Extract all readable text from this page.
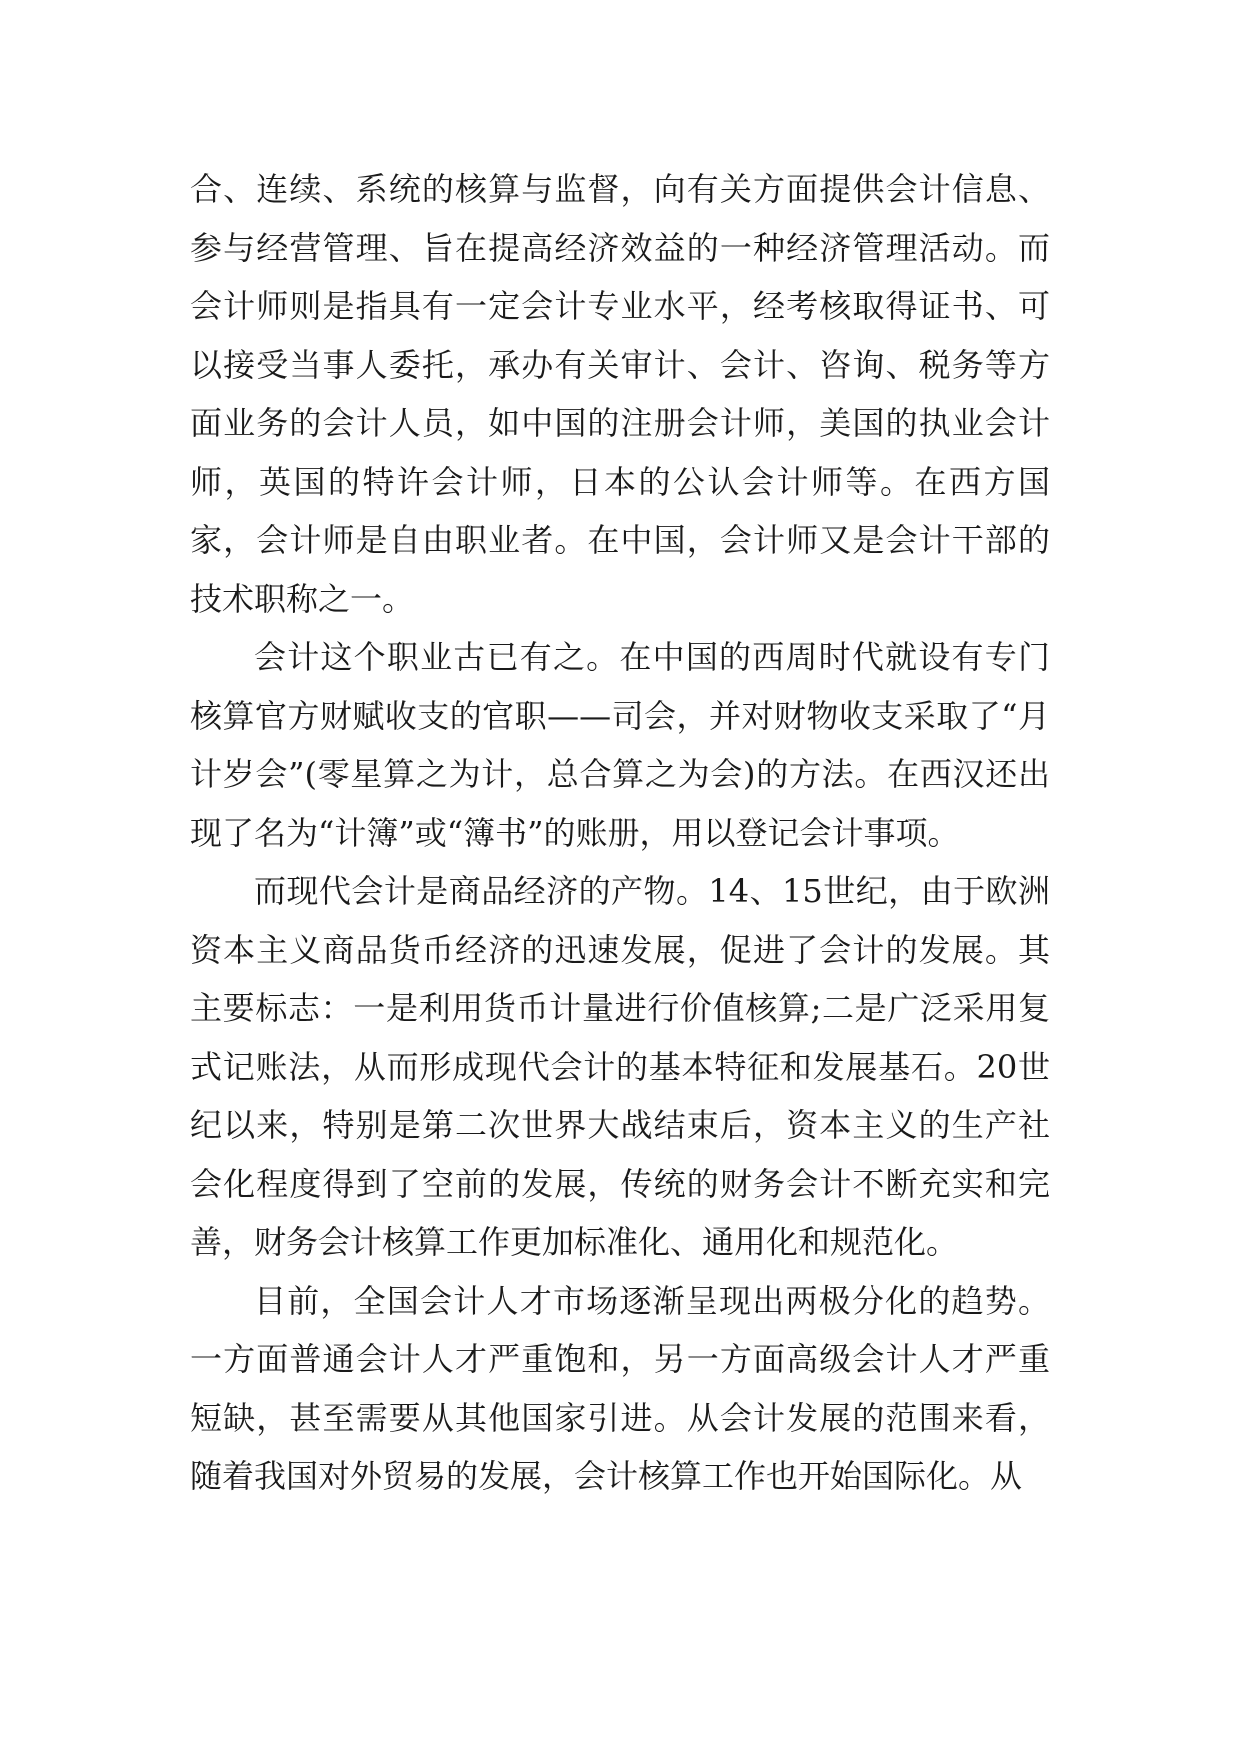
合、连续、系统的核算与监督，向有关方面提供会计信息、参与经营管理、旨在提高经济效益的一种经济管理活动。而会计师则是指具有一定会计专业水平，经考核取得证书、可以接受当事人委托，承办有关审计、会计、咨询、税务等方面业务的会计人员，如中国的注册会计师，美国的执业会计师，英国的特许会计师，日本的公认会计师等。在西方国家，会计师是自由职业者。在中国，会计师又是会计干部的技术职称之一。

会计这个职业古已有之。在中国的西周时代就设有专门核算官方财赋收支的官职——司会，并对财物收支采取了“月计岁会”(零星算之为计，总合算之为会)的方法。在西汉还出现了名为“计簿”或“簿书”的账册，用以登记会计事项。

而现代会计是商品经济的产物。14、15世纪，由于欧洲资本主义商品货币经济的迅速发展，促进了会计的发展。其主要标志：一是利用货币计量进行价值核算;二是广泛采用复式记账法，从而形成现代会计的基本特征和发展基石。20世纪以来，特别是第二次世界大战结束后，资本主义的生产社会化程度得到了空前的发展，传统的财务会计不断充实和完善，财务会计核算工作更加标准化、通用化和规范化。

目前，全国会计人才市场逐渐呈现出两极分化的趋势。一方面普通会计人才严重饱和，另一方面高级会计人才严重短缺，甚至需要从其他国家引进。从会计发展的范围来看，随着我国对外贸易的发展，会计核算工作也开始国际化。从
